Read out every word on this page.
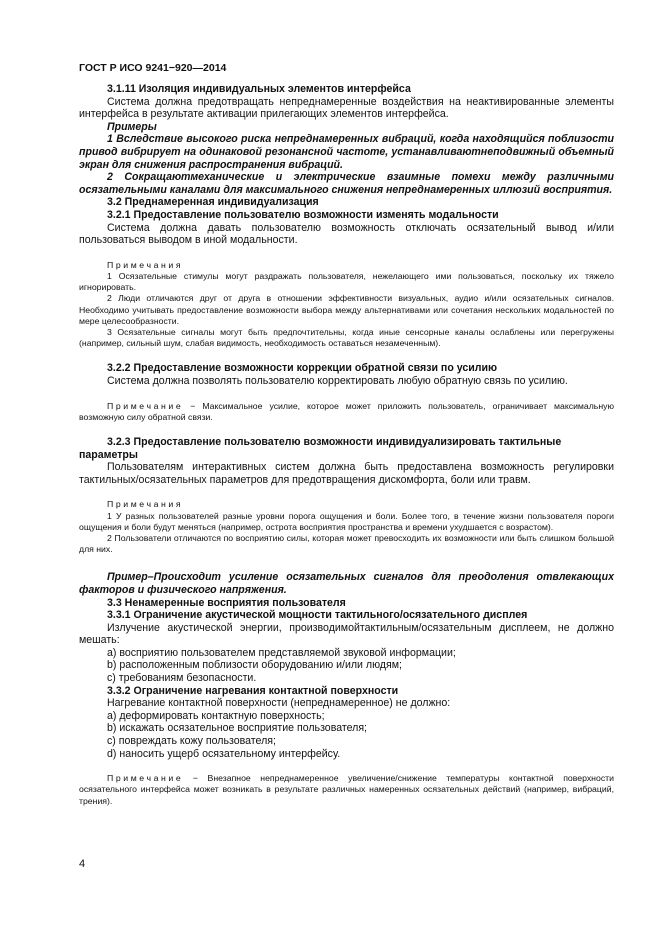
ГОСТ Р ИСО 9241−920—2014

3.1.11 Изоляция индивидуальных элементов интерфейса

Система должна предотвращать непреднамеренные воздействия на неактивированные элементы интерфейса в результате активации прилегающих элементов интерфейса.

Примеры

1 Вследствие высокого риска непреднамеренных вибраций, когда находящийся поблизости привод вибрирует на одинаковой резонансной частоте, устанавливаютнеподвижный объемный экран для снижения распространения вибраций.

2 Сокращаютмеханические и электрические взаимные помехи между различными осязательными каналами для максимального снижения непреднамеренных иллюзий восприятия.

3.2 Преднамеренная индивидуализация

3.2.1 Предоставление пользователю возможности изменять модальности

Система должна давать пользователю возможность отключать осязательный вывод и/или пользоваться выводом в иной модальности.

Примечания

1 Осязательные стимулы могут раздражать пользователя, нежелающего ими пользоваться, поскольку их тяжело игнорировать.

2 Люди отличаются друг от друга в отношении эффективности визуальных, аудио и/или осязательных сигналов. Необходимо учитывать предоставление возможности выбора между альтернативами или сочетания нескольких модальностей по мере целесообразности.

3 Осязательные сигналы могут быть предпочтительны, когда иные сенсорные каналы ослаблены или перегружены (например, сильный шум, слабая видимость, необходимость оставаться незамеченным).

3.2.2 Предоставление возможности коррекции обратной связи по усилию

Система должна позволять пользователю корректировать любую обратную связь по усилию.

Примечание − Максимальное усилие, которое может приложить пользователь, ограничивает максимальную возможную силу обратной связи.

3.2.3 Предоставление пользователю возможности индивидуализировать тактильные параметры

Пользователям интерактивных систем должна быть предоставлена возможность регулировки тактильных/осязательных параметров для предотвращения дискомфорта, боли или травм.

Примечания

1 У разных пользователей разные уровни порога ощущения и боли. Более того, в течение жизни пользователя пороги ощущения и боли будут меняться (например, острота восприятия пространства и времени ухудшается с возрастом).

2 Пользователи отличаются по восприятию силы, которая может превосходить их возможности или быть слишком большой для них.

Пример–Происходит усиление осязательных сигналов для преодоления отвлекающих факторов и физического напряжения.

3.3 Ненамеренные восприятия пользователя

3.3.1 Ограничение акустической мощности тактильного/осязательного дисплея

Излучение акустической энергии, производимойтактильным/осязательным дисплеем, не должно мешать:

a) восприятию пользователем представляемой звуковой информации;

b) расположенным поблизости оборудованию и/или людям;

c) требованиям безопасности.

3.3.2 Ограничение нагревания контактной поверхности

Нагревание контактной поверхности (непреднамеренное) не должно:

a) деформировать контактную поверхность;

b) искажать осязательное восприятие пользователя;

c) повреждать кожу пользователя;

d) наносить ущерб осязательному интерфейсу.

Примечание − Внезапное непреднамеренное увеличение/снижение температуры контактной поверхности осязательного интерфейса может возникать в результате различных намеренных осязательных действий (например, вибраций, трения).

4
